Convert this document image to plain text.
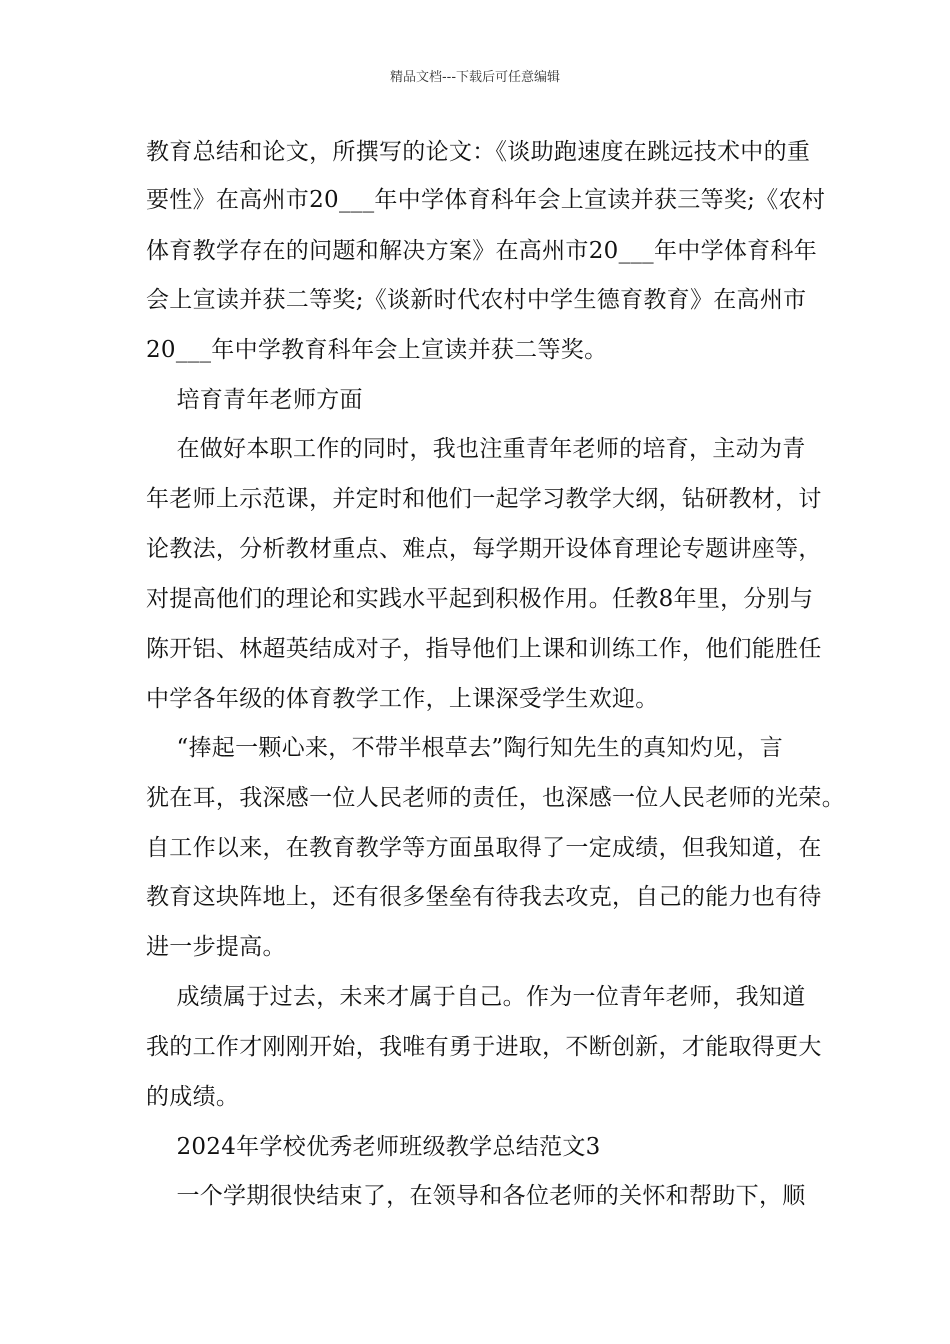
精品文档---下载后可任意编辑
教育总结和论文，所撰写的论文：《谈助跑速度在跳远技术中的重
要性》在高州市20___年中学体育科年会上宣读并获三等奖;《农村
体育教学存在的问题和解决方案》在高州市20___年中学体育科年
会上宣读并获二等奖;《谈新时代农村中学生德育教育》在高州市
20___年中学教育科年会上宣读并获二等奖。
培育青年老师方面
在做好本职工作的同时，我也注重青年老师的培育，主动为青
年老师上示范课，并定时和他们一起学习教学大纲，钻研教材，讨
论教法，分析教材重点、难点，每学期开设体育理论专题讲座等，
对提高他们的理论和实践水平起到积极作用。任教8年里，分别与
陈开铝、林超英结成对子，指导他们上课和训练工作，他们能胜任
中学各年级的体育教学工作，上课深受学生欢迎。
“捧起一颗心来，不带半根草去”陶行知先生的真知灼见，言
犹在耳，我深感一位人民老师的责任，也深感一位人民老师的光荣。
自工作以来，在教育教学等方面虽取得了一定成绩，但我知道，在
教育这块阵地上，还有很多堡垒有待我去攻克，自己的能力也有待
进一步提高。
成绩属于过去，未来才属于自己。作为一位青年老师，我知道
我的工作才刚刚开始，我唯有勇于进取，不断创新，才能取得更大
的成绩。
2024年学校优秀老师班级教学总结范文3
一个学期很快结束了，在领导和各位老师的关怀和帮助下，顺
